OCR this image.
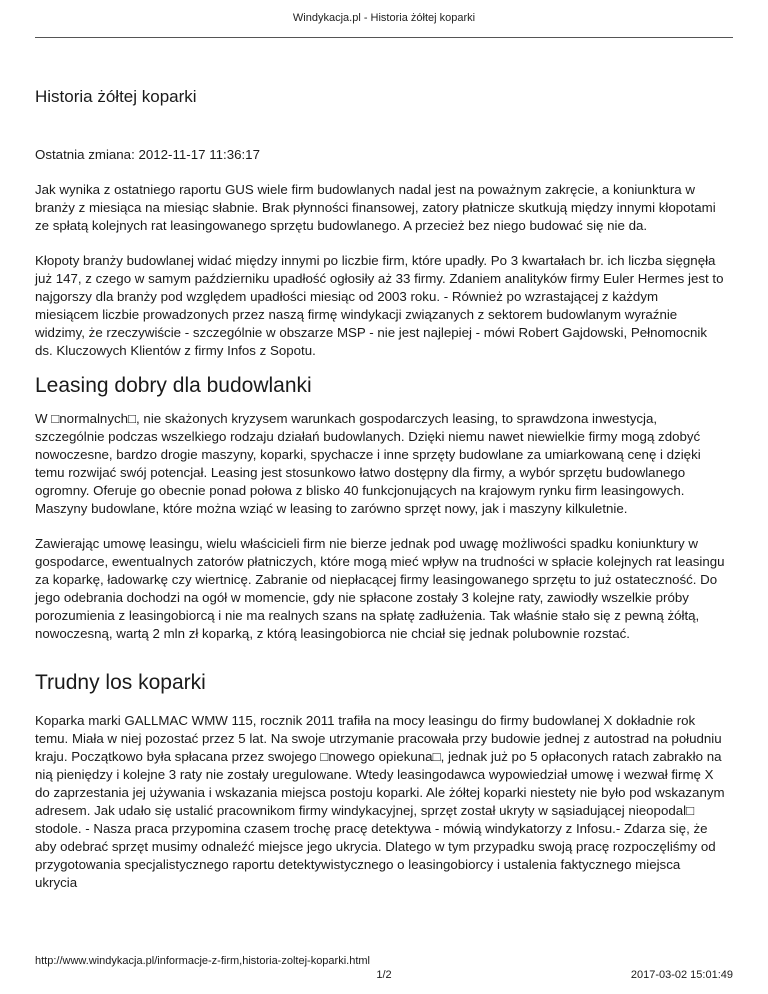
Windykacja.pl - Historia żółtej koparki
Historia żółtej koparki

Ostatnia zmiana: 2012-11-17 11:36:17

Jak wynika z ostatniego raportu GUS wiele firm budowlanych nadal jest na poważnym zakręcie, a koniunktura w branży z miesiąca na miesiąc słabnie. Brak płynności finansowej, zatory płatnicze skutkują między innymi kłopotami ze spłatą kolejnych rat leasingowanego sprzętu budowlanego. A przecież bez niego budować się nie da.

Kłopoty branży budowlanej widać między innymi po liczbie firm, które upadły. Po 3 kwartałach br. ich liczba sięgnęła już 147, z czego w samym październiku upadłość ogłosiły aż 33 firmy. Zdaniem analityków firmy Euler Hermes jest to najgorszy dla branży pod względem upadłości miesiąc od 2003 roku. - Również po wzrastającej z każdym miesiącem liczbie prowadzonych przez naszą firmę windykacji związanych z sektorem budowlanym wyraźnie widzimy, że rzeczywiście - szczególnie w obszarze MSP - nie jest najlepiej - mówi Robert Gajdowski, Pełnomocnik ds. Kluczowych Klientów z firmy Infos z Sopotu.

Leasing dobry dla budowlanki

W □normalnych□, nie skażonych kryzysem warunkach gospodarczych leasing, to sprawdzona inwestycja, szczególnie podczas wszelkiego rodzaju działań budowlanych. Dzięki niemu nawet niewielkie firmy mogą zdobyć nowoczesne, bardzo drogie maszyny, koparki, spychacze i inne sprzęty budowlane za umiarkowaną cenę i dzięki temu rozwijać swój potencjał. Leasing jest stosunkowo łatwo dostępny dla firmy, a wybór sprzętu budowlanego ogromny. Oferuje go obecnie ponad połowa z blisko 40 funkcjonujących na krajowym rynku firm leasingowych. Maszyny budowlane, które można wziąć w leasing to zarówno sprzęt nowy, jak i maszyny kilkuletnie.

Zawierając umowę leasingu, wielu właścicieli firm nie bierze jednak pod uwagę możliwości spadku koniunktury w gospodarce, ewentualnych zatorów płatniczych, które mogą mieć wpływ na trudności w spłacie kolejnych rat leasingu za koparkę, ładowarkę czy wiertnicę. Zabranie od niepłacącej firmy leasingowanego sprzętu to już ostateczność. Do jego odebrania dochodzi na ogół w momencie, gdy nie spłacone zostały 3 kolejne raty, zawiodły wszelkie próby porozumienia z leasingobiorcą i nie ma realnych szans na spłatę zadłużenia. Tak właśnie stało się z pewną żółtą, nowoczesną, wartą 2 mln zł koparką, z którą leasingobiorca nie chciał się jednak polubownie rozstać.

Trudny los koparki

Koparka marki GALLMAC WMW 115, rocznik 2011 trafiła na mocy leasingu do firmy budowlanej X dokładnie rok temu. Miała w niej pozostać przez 5 lat. Na swoje utrzymanie pracowała przy budowie jednej z autostrad na południu kraju. Początkowo była spłacana przez swojego □nowego opiekuna□, jednak już po 5 opłaconych ratach zabrakło na nią pieniędzy i kolejne 3 raty nie zostały uregulowane. Wtedy leasingodawca wypowiedział umowę i wezwał firmę X do zaprzestania jej używania i wskazania miejsca postoju koparki. Ale żółtej koparki niestety nie było pod wskazanym adresem. Jak udało się ustalić pracownikom firmy windykacyjnej, sprzęt został ukryty w sąsiadującej nieopodal□ stodole. - Nasza praca przypomina czasem trochę pracę detektywa - mówią windykatorzy z Infosu.- Zdarza się, że aby odebrać sprzęt musimy odnaleźć miejsce jego ukrycia. Dlatego w tym przypadku swoją pracę rozpoczęliśmy od przygotowania specjalistycznego raportu detektywistycznego o leasingobiorcy i ustalenia faktycznego miejsca ukrycia

http://www.windykacja.pl/informacje-z-firm,historia-zoltej-koparki.html
1/2	2017-03-02 15:01:49
